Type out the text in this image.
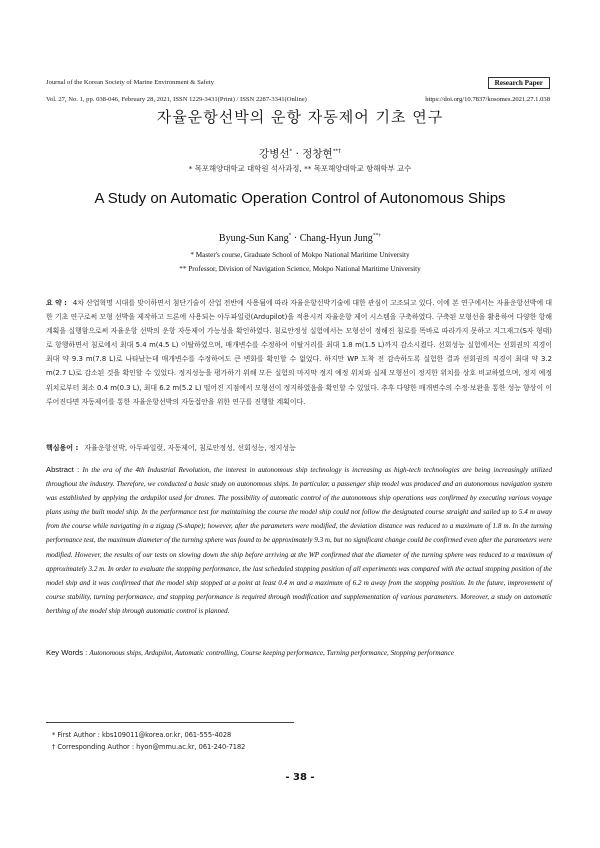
Journal of the Korean Society of Marine Environment & Safety
Vol. 27, No. 1, pp. 038-046, February 28, 2021, ISSN 1229-3431(Print) / ISSN 2287-3341(Online)
Research Paper
https://doi.org/10.7837/kosomes.2021.27.1.038
자율운항선박의 운항 자동제어 기초 연구
강병선* · 정창현**†
* 목포해양대학교 대학원 석사과정, ** 목포해양대학교 항해학부 교수
A Study on Automatic Operation Control of Autonomous Ships
Byung-Sun Kang* · Chang-Hyun Jung**†
* Master's course, Graduate School of Mokpo National Maritime University
** Professor, Division of Navigation Science, Mokpo National Maritime University
요 약 : 4차 산업혁명 시대를 맞이하면서 첨단기술이 산업 전반에 사용됨에 따라 자율운항선박기술에 대한 관심이 고조되고 있다. 이에 본 연구에서는 자율운항선박에 대한 기초 연구로써 모형 선박을 제작하고 드론에 사용되는 아두파일럿(Ardupilot)을 적용시켜 자율운항 제어 시스템을 구축하였다. 구축된 모형선을 활용하여 다양한 항해계획을 실행함으로써 자율운항 선박의 운항 자동제어 가능성을 확인하였다. 침로안정성 실험에서는 모형선이 정해진 침로를 똑바로 따라가지 못하고 지그재그(S자 형태)로 항행하면서 침로에서 최대 5.4 m(4.5 L) 이탈하였으며, 매개변수를 수정하여 이탈거리를 최대 1.8 m(1.5 L)까지 감소시켰다. 선회성능 실험에서는 선회권의 직경이 최대 약 9.3 m(7.8 L)로 나타났는데 매개변수를 수정하여도 큰 변화를 확인할 수 없었다. 하지만 WP 도착 전 감속하도록 실험한 결과 선회권의 직경이 최대 약 3.2 m(2.7 L)로 감소된 것을 확인할 수 있었다. 정지성능을 평가하기 위해 모든 실험의 마지막 정지 예정 위치와 실제 모형선이 정지한 위치를 상호 비교하였으며, 정지 예정 위치로부터 최소 0.4 m(0.3 L), 최대 6.2 m(5.2 L) 떨어진 지점에서 모형선이 정지하였음을 확인할 수 있었다. 추후 다양한 매개변수의 수정·보완을 통한 성능 향상이 이루어진다면 자동제어를 통한 자율운항선박의 자동접안을 위한 연구를 진행할 계획이다.
핵심용어 : 자율운항선박, 아두파일럿, 자동제어, 침로안정성, 선회성능, 정지성능
Abstract : In the era of the 4th Industrial Revolution, the interest in autonomous ship technology is increasing as high-tech technologies are being increasingly utilized throughout the industry. Therefore, we conducted a basic study on autonomous ships. In particular, a passenger ship model was produced and an autonomous navigation system was established by applying the ardupilot used for drones. The possibility of automatic control of the autonomous ship operations was confirmed by executing various voyage plans using the built model ship. In the performance test for maintaining the course the model ship could not follow the designated course straight and sailed up to 5.4 m away from the course while navigating in a zigzag (S-shape); however, after the parameters were modified, the deviation distance was reduced to a maximum of 1.8 m. In the turning performance test, the maximum diameter of the turning sphere was found to be approximately 9.3 m, but no significant change could be confirmed even after the parameters were modified. However, the results of our tests on slowing down the ship before arriving at the WP confirmed that the diameter of the turning sphere was reduced to a maximum of approximately 3.2 m. In order to evaluate the stopping performance, the last scheduled stopping position of all experiments was compared with the actual stopping position of the model ship and it was confirmed that the model ship stopped at a point at least 0.4 m and a maximum of 6.2 m away from the stopping position. In the future, improvement of course stability, turning performance, and stopping performance is required through modification and supplementation of various parameters. Moreover, a study on automatic berthing of the model ship through automatic control is planned.
Key Words : Autonomous ships, Ardupilot, Automatic controlling, Course keeping performance, Turning performance, Stopping performance
* First Author : kbs109011@korea.or.kr, 061-555-4028
† Corresponding Author : hyon@mmu.ac.kr, 061-240-7182
- 38 -
